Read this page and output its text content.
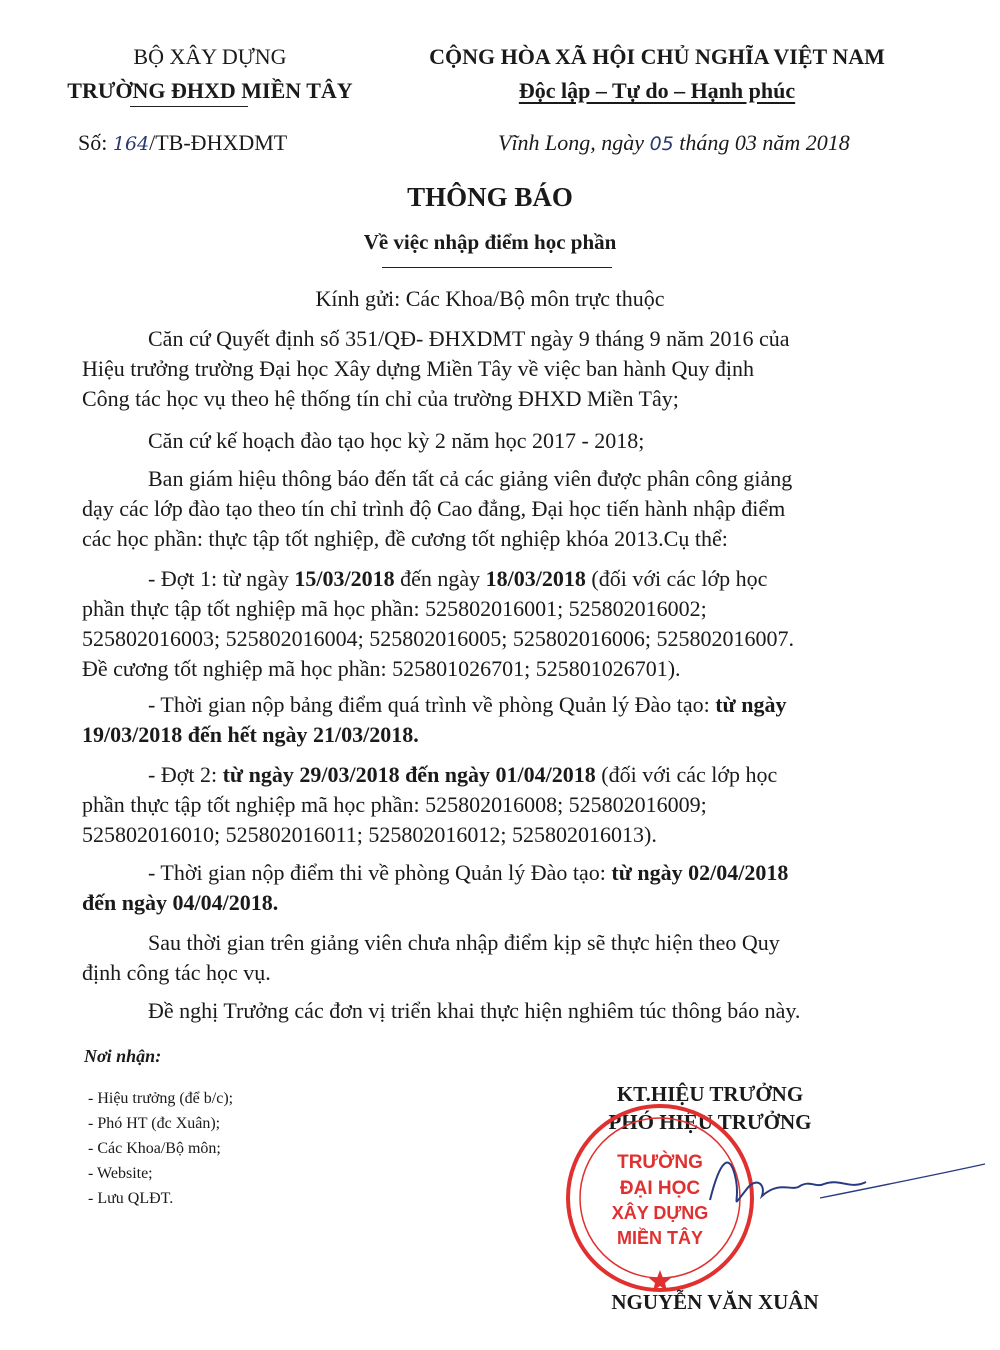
BỘ XÂY DỰNG
TRƯỜNG ĐHXD MIỀN TÂY
Số: 164/TB-ĐHXDMT
CỘNG HÒA XÃ HỘI CHỦ NGHĨA VIỆT NAM
Độc lập – Tự do – Hạnh phúc
Vĩnh Long, ngày 05 tháng 03 năm 2018
THÔNG BÁO
Về việc nhập điểm học phần
Kính gửi: Các Khoa/Bộ môn trực thuộc
Căn cứ Quyết định số 351/QĐ- ĐHXDMT ngày 9 tháng 9 năm 2016 của
Hiệu trưởng trường Đại học Xây dựng Miền Tây về việc ban hành Quy định
Công tác học vụ theo hệ thống tín chỉ của trường ĐHXD Miền Tây;
Căn cứ kế hoạch đào tạo học kỳ 2 năm học 2017 - 2018;
Ban giám hiệu thông báo đến tất cả các giảng viên được phân công giảng
dạy các lớp đào tạo theo tín chỉ trình độ Cao đẳng, Đại học tiến hành nhập điểm
các học phần: thực tập tốt nghiệp, đề cương tốt nghiệp khóa 2013.Cụ thể:
- Đợt 1: từ ngày 15/03/2018 đến ngày 18/03/2018 (đối với các lớp học
phần thực tập tốt nghiệp mã học phần: 525802016001; 525802016002;
525802016003; 525802016004; 525802016005; 525802016006; 525802016007.
Đề cương tốt nghiệp mã học phần: 525801026701; 525801026701).
- Thời gian nộp bảng điểm quá trình về phòng Quản lý Đào tạo: từ ngày
19/03/2018 đến hết ngày 21/03/2018.
- Đợt 2: từ ngày 29/03/2018 đến ngày 01/04/2018 (đối với các lớp học
phần thực tập tốt nghiệp mã học phần: 525802016008; 525802016009;
525802016010; 525802016011; 525802016012; 525802016013).
- Thời gian nộp điểm thi về phòng Quản lý Đào tạo: từ ngày 02/04/2018
đến ngày 04/04/2018.
Sau thời gian trên giảng viên chưa nhập điểm kịp sẽ thực hiện theo Quy
định công tác học vụ.
Đề nghị Trưởng các đơn vị triển khai thực hiện nghiêm túc thông báo này.
Nơi nhận:
- Hiệu trưởng (để b/c);
- Phó HT (đc Xuân);
- Các Khoa/Bộ môn;
- Website;
- Lưu QLĐT.
KT.HIỆU TRƯỞNG
PHÓ HIỆU TRƯỞNG
TRƯỜNG
ĐẠI HỌC
XÂY DỰNG
MIỀN TÂY
NGUYỄN VĂN XUÂN
